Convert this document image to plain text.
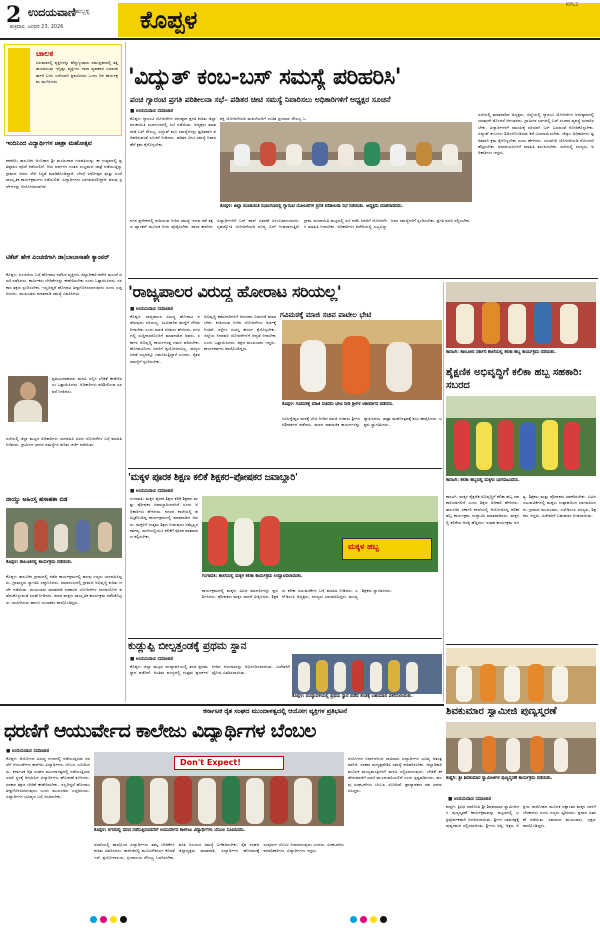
2 ಉದಯವಾಣಿ ಹುಬ್ಬಳ್ಳಿ
ಶುಕ್ರವಾರ, ಜನವರಿ 23, 2026	ಕೊಪ್ಪಳ	KPL2
ಚಾಲಕ
ಸಿರುಮಾರಲ್ಲಿ ವ್ಯಕ್ತಿಗಳನ್ನು ಹೆಚ್ಚುಳ್ಳುತಾರು ಸಮುದ್ರವಾರಲ್ಲಿ ತತ್ತಿ ತಾಯಾಲುತು ಇನ್ನಿಷ್ಟು ವ್ಯಕ್ತಿಗಳು ಗಾರಾ ವ್ಯವಹಾರ ಎರಡುಹರ್ತಾರಿ ಬಳಸಿ ಎದೆಯಾಗಿ ಪ್ರಕಟಿಸಿದರು ಒಂದು ದಿನ ಕಾರ್ಯಕ್ರಮ ಮುಗಿಸಿದರು
ಇಂದಿನಿಂದ ವಿದ್ಯಾರ್ಥಿಗಳ ಜಾತ್ರಾ ಮಹೋತ್ಸವ
ಕನಕಗಿರಿ: ತಾಲೂಕಿನ ಅಂಬಿಕಾದ ಶ್ರೀ ಮಂಜುನಾಥ ಗಣಪತಿಯನ್ನು ಈ ಉತ್ಸವದಲ್ಲಿ ಪ್ರತಿಷ್ಠಾಪಿಸಿ ಪೂಜೆ ನಡೆಯಲಿದೆ. ಆರು ವರ್ಷಗಳ ನಂತರ ಸಂಭ್ರಮದ ಜಾತ್ರೆ ನಡೆಯುತ್ತಿದ್ದು ಗ್ರಾಮದ ಜನರು ಸೇರಿ ಸಿದ್ಧತೆ ಮಾಡಿಕೊಂಡಿದ್ದಾರೆ. ಬೆಳಗ್ಗೆ ರಥೋತ್ಸವ ಮತ್ತು ಸಂಜೆ ಸಾಂಸ್ಕೃತಿಕ ಕಾರ್ಯಕ್ರಮಗಳು ನಡೆಯಲಿವೆ. ವಿದ್ಯಾರ್ಥಿಗಳು ಭಾಗವಹಿಸಲಿದ್ದಾರೆ. ಹಲವು ಸ್ಪರ್ಧೆಗಳನ್ನು ಆಯೋಜಿಸಲಾಗಿದೆ.
ಟಿಕೆಟ್ ಹೇಳಿ ಪಿಂಚಣಿಗಾಗಿ ಡಾ|ಬಾಬಾಸಾಹೇ ಕ್ಯಾಂಪರ್
ಕೊಪ್ಪಳ: ಪಿಂಚಣಿಯ ಬಗ್ಗೆ ಹೋರಾಟ ನಡೆಸಿದ ವ್ಯಕ್ತಿಗಳು ಜಿಲ್ಲಾಧಿಕಾರಿ ಕಚೇರಿ ಮುಂದೆ ಧರಣಿ ನಡೆಸಿದರು. ಕಾರ್ಮಿಕರು ಬೇಡಿಕೆಗಳನ್ನು ಈಡೇರಿಸಬೇಕು ಎಂದು ಒತ್ತಾಯಿಸಿದರು. ಸರಕಾರ ತಕ್ಷಣ ಸ್ಪಂದಿಸಬೇಕು, ಇಲ್ಲದಿದ್ದರೆ ಹೋರಾಟ ತೀವ್ರಗೊಳಿಸಲಾಗುವುದು ಎಂದು ಎಚ್ಚರಿಸಿದರು. ಮುಖಂಡರು ಮಾತನಾಡಿ ಸಮಸ್ಯೆ ವಿವರಿಸಿದರು.
ಪ್ರತಿಭಟನಾಕಾರರು ಮನವಿ ಸಲ್ಲಿಸಿ ಬೇಡಿಕೆ ಈಡೇರಿಸಲು ಒತ್ತಾಯಿಸಿದರು. ಅಧಿಕಾರಿಗಳು ಪರಿಶೀಲಿಸುವ ಭರವಸೆ ನೀಡಿದರು.
ಸಭೆಯಲ್ಲಿ ಜಿಲ್ಲಾ ಮಟ್ಟದ ಅಧಿಕಾರಿಗಳು ಭಾಗವಹಿಸಿ ವಿವಿಧ ಯೋಜನೆಗಳ ಬಗ್ಗೆ ಮಾಹಿತಿ ನೀಡಿದರು. ಗ್ರಾಮೀಣ ಭಾಗದ ಸಮಸ್ಯೆಗಳ ಕುರಿತು ಚರ್ಚೆ ನಡೆಯಿತು.
ನಾಯ್ದು ಅಹಿಂಸ್ತ ಹಸಾಹಕಾ ಬಿಡ
ಕೊಪ್ಪಳ: ತಾಲೂಕಿನಲ್ಲಿ ಕಾರ್ಯಕ್ರಮ ನಡೆಯಿತು.
ಕೊಪ್ಪಳ: ತಾಲೂಕಿನ ಗ್ರಾಮದಲ್ಲಿ ನಡೆದ ಕಾರ್ಯಕ್ರಮದಲ್ಲಿ ಹಲವು ಗಣ್ಯರು ಭಾಗವಹಿಸಿದ್ದರು. ಗ್ರಾಮಸ್ಥರು ಸ್ವಾಗತಿಸಿ ಸನ್ಮಾನಿಸಿದರು. ಸಮಾರಂಭದಲ್ಲಿ ಗ್ರಾಮದ ಅಭಿವೃದ್ಧಿ ಕುರಿತು ಚರ್ಚೆ ನಡೆಯಿತು. ಮುಖಂಡರು ಮಾತನಾಡಿ ಸರಕಾರದ ಯೋಜನೆಗಳ ಸದುಪಯೋಗ ಪಡೆದುಕೊಳ್ಳುವಂತೆ ಸಲಹೆ ನೀಡಿದರು. ಶಾಲಾ ಮಕ್ಕಳು ಸಾಂಸ್ಕೃತಿಕ ಕಾರ್ಯಕ್ರಮ ನಡೆಸಿಕೊಟ್ಟರು. ಮಹಿಳೆಯರು ಹಾಗೂ ಯುವಕರು ಪಾಲ್ಗೊಂಡಿದ್ದರು.
'ವಿದ್ಯುತ್ ಕಂಬ-ಬಸ್ ಸಮಸ್ಯೆ ಪರಿಹರಿಸಿ'
ಪಂಚ ಗ್ಯಾರಂಟಿ ಪ್ರಗತಿ ಪರಿಶೀಲನಾ ಸಭೆ– ಪಡಿತರ ಚೀಟಿ ಸಮಸ್ಯೆ ನಿವಾರಿಸಲು ಅಧಿಕಾರಿಗಳಿಗೆ ಅಧ್ಯಕ್ಷರ ಸೂಚನೆ
■ ಉದಯವಾಣಿ ಸಮಾಚಾರ
ಕೊಪ್ಪಳ: ಗ್ಯಾರಂಟಿ ಯೋಜನೆಗಳ ಅನುಷ್ಠಾನ ಪ್ರಗತಿ ಕುರಿತು ಜಿಲ್ಲಾ ಪಂಚಾಯಿತಿ ಸಭಾಂಗಣದಲ್ಲಿ ಸಭೆ ನಡೆಯಿತು. ಅಧ್ಯಕ್ಷರು ಮಾತನಾಡಿ ಬಸ್ ಸೌಲಭ್ಯ, ವಿದ್ಯುತ್ ಕಂಬ ಸಮಸ್ಯೆಗಳನ್ನು ತ್ವರಿತವಾಗಿ ಪರಿಹರಿಸುವಂತೆ ಸೂಚನೆ ನೀಡಿದರು. ಪಡಿತರ ಚೀಟಿ ಸಮಸ್ಯೆ ನಿವಾರಣೆಗೆ ಕ್ರಮ ಕೈಗೊಳ್ಳಬೇಕು.
ಶಕ್ತಿ ಯೋಜನೆಯಡಿ ಮಹಿಳೆಯರಿಗೆ ಉಚಿತ ಪ್ರಯಾಣ ಸೌಲಭ್ಯ ಒ
ಕೊಪ್ಪಳ: ಜಿಲ್ಲಾ ಪಂಚಾಯಿತಿ ಸಭಾಂಗಣದಲ್ಲಿ ಗ್ಯಾರಂಟಿ ಯೋಜನೆಗಳ ಪ್ರಗತಿ ಪರಿಶೀಲನಾ ಸಭೆ ನಡೆಯಿತು. ಅಧ್ಯಕ್ಷರು ಮಾತನಾಡಿದರು.
ಸಭೆಯಲ್ಲಿ ಮಾತನಾಡಿದ ಅಧ್ಯಕ್ಷರು, ಜಿಲ್ಲೆಯಲ್ಲಿ ಗ್ಯಾರಂಟಿ ಯೋಜನೆಗಳ ಅನುಷ್ಠಾನದಲ್ಲಿ ಯಾವುದೇ ತೊಂದರೆ ಆಗಬಾರದು. ಗ್ರಾಮೀಣ ಭಾಗದಲ್ಲಿ ಬಸ್ ಸಂಚಾರ ವ್ಯವಸ್ಥೆ ಸುಧಾರಿಸಬೇಕು. ವಿದ್ಯಾರ್ಥಿಗಳಿಗೆ ಸಮಯಕ್ಕೆ ಸರಿಯಾಗಿ ಬಸ್ ಬರುವಂತೆ ನೋಡಿಕೊಳ್ಳಬೇಕು. ವಿದ್ಯುತ್ ಕಂಬಗಳು ಶಿಥಿಲಗೊಂಡಿರುವ ಕಡೆ ಬದಲಾಯಿಸಬೇಕು. ಜೆಸ್ಕಾಂ ಅಧಿಕಾರಿಗಳು ತ್ವರಿತವಾಗಿ ಕ್ರಮ ಕೈಗೊಳ್ಳಬೇಕು ಎಂದು ಹೇಳಿದರು. ಯುವನಿಧಿ ಯೋಜನೆಯಡಿ ನೋಂದಣಿ ಹೆಚ್ಚಿಸಬೇಕು. ಫಲಾನುಭವಿಗಳಿಗೆ ಮಾಹಿತಿ ತಲುಪಿಸಬೇಕು. ಸಭೆಯಲ್ಲಿ ಸದಸ್ಯರು, ಅಧಿಕಾರಿಗಳು ಇದ್ದರು.
ನಗರ ಪ್ರದೇಶದಲ್ಲಿ ಕುಡಿಯುವ ನೀರಿನ ಸಮಸ್ಯೆ ಇರುವ ಕಡೆ ತಕ್ಷಣ ಟ್ಯಾಂಕರ್ ಮೂಲಕ ನೀರು ಪೂರೈಸಬೇಕು. ಶಾಲಾ ಕಾಲೇಜು ವಿದ್ಯಾರ್ಥಿಗಳಿಗೆ ಬಸ್ ಪಾಸ್ ವಿತರಣೆ ವಿಳಂಬವಾಗಬಾರದು. ಗೃಹಜ್ಯೋತಿ ಯೋಜನೆಯಡಿ ಶೂನ್ಯ ಬಿಲ್ ನೀಡಲಾಗುತ್ತಿದೆ. ಗ್ರಾಮ ಪಂಚಾಯಿತಿ ಮಟ್ಟದಲ್ಲಿ ಸಭೆ ನಡೆಸಿ ಜನರಿಗೆ ಯೋಜನೆಗಳ ಮಾಹಿತಿ ನೀಡಬೇಕು. ಅಧಿಕಾರಿಗಳು ಕಚೇರಿಯಲ್ಲಿ ಲಭ್ಯವಿದ್ದು ಜನರ ಸಮಸ್ಯೆಗಳಿಗೆ ಸ್ಪಂದಿಸಬೇಕು. ಪ್ರಗತಿ ವರದಿ ಸಲ್ಲಿಸಬೇಕು.
'ರಾಜ್ಯಪಾಲರ ವಿರುದ್ಧ ಹೋರಾಟ ಸರಿಯಲ್ಲ'
■ ಉದಯವಾಣಿ ಸಮಾಚಾರ
ಕೊಪ್ಪಳ: ರಾಜ್ಯಪಾಲರ ವಿರುದ್ಧ ಹೋರಾಟ ನಡೆಸುವುದು ಸರಿಯಲ್ಲ. ಸಂವಿಧಾನಿಕ ಹುದ್ದೆಗೆ ಗೌರವ ನೀಡಬೇಕು ಎಂದು ಮಾಜಿ ಸಚಿವರು ಹೇಳಿದರು. ನಗರದಲ್ಲಿ ಸುದ್ದಿಗಾರರೊಂದಿಗೆ ಮಾತನಾಡಿದ ಅವರು, ಸರ್ಕಾರ ಅಭಿವೃದ್ಧಿ ಕಾರ್ಯಗಳತ್ತ ಗಮನ ಹರಿಸಬೇಕು. ಹೋರಾಟದಿಂದ ಜನರಿಗೆ ಪ್ರಯೋಜನವಿಲ್ಲ. ರಾಜ್ಯದ ಜನತೆ ಎಲ್ಲವನ್ನೂ ಗಮನಿಸುತ್ತಿದ್ದಾರೆ ಎಂದರು. ರೈತರ ಸಮಸ್ಯೆಗೆ ಸ್ಪಂದಿಸಬೇಕು.
ಅಭಿವೃದ್ಧಿ ಕಾಮಗಾರಿಗಳಿಗೆ ಅನುದಾನ ಬಿಡುಗಡೆ ಮಾಡಬೇಕು. ಕುಡಿಯುವ ನೀರಿನ ಯೋಜನೆಗಳು ಅರ್ಧಕ್ಕೆ ನಿಂತಿವೆ. ರಸ್ತೆಗಳ ದುರಸ್ತಿ ಕಾರ್ಯ ಕೈಗೊಳ್ಳಬೇಕು. ಜಿಲ್ಲೆಯ ನೀರಾವರಿ ಯೋಜನೆಗಳಿಗೆ ಆದ್ಯತೆ ನೀಡಬೇಕು ಎಂದು ಒತ್ತಾಯಿಸಿದರು. ಪಕ್ಷದ ಮುಖಂಡರು ಇದ್ದರು. ಕಾರ್ಯಕರ್ತರು ಪಾಲ್ಗೊಂಡಿದ್ದರು.
ಗವಿಮಠಕ್ಕೆ ಮಾಜಿ ಸಚಿವ ಪಾಟೀಲ ಭೇಟಿ
ಕೊಪ್ಪಳ: ಗವಿಮಠಕ್ಕೆ ಮಾಜಿ ಸಚಿವರು ಭೇಟಿ ನೀಡಿ ಶ್ರೀಗಳ ಆಶೀರ್ವಾದ ಪಡೆದರು.
ಗವಿಸಿದ್ದೇಶ್ವರ ಮಠಕ್ಕೆ ಭೇಟಿ ನೀಡಿದ ಮಾಜಿ ಸಚಿವರು ಶ್ರೀಗಳ ಆಶೀರ್ವಾದ ಪಡೆದರು. ಮಠದ ಸಾಮಾಜಿಕ ಕಾರ್ಯಗಳನ್ನು ಶ್ಲಾಘಿಸಿದರು. ಜಾತ್ರಾ ಮಹೋತ್ಸವಕ್ಕೆ ಶುಭ ಹಾರೈಸಿದರು. ಭಕ್ತರು ಸ್ವಾಗತಿಸಿದರು.
ಕಾರಟಗಿ: ತಾಲೂಕಿನ ಸರ್ಕಾರಿ ಶಾಲೆಯಲ್ಲಿ ಕಲಿಕಾ ಹಬ್ಬ ಕಾರ್ಯಕ್ರಮ ನಡೆಯಿತು.
ಶೈಕ್ಷಣಿಕ ಅಭಿವೃದ್ಧಿಗೆ ಕಲಿಕಾ ಹಬ್ಬ ಸಹಕಾರಿ: ಸಬರದ
ಕಾರಟಗಿ: ಕಲಿಕಾ ಹಬ್ಬದಲ್ಲಿ ಮಕ್ಕಳು ಭಾಗವಹಿಸಿದರು.
ಕಾರಟಗಿ: ಮಕ್ಕಳ ಶೈಕ್ಷಣಿಕ ಅಭಿವೃದ್ಧಿಗೆ ಕಲಿಕಾ ಹಬ್ಬ ಸಹಕಾರಿಯಾಗಲಿದೆ ಎಂದು ಶಿಕ್ಷಣ ಅಧಿಕಾರಿ ಹೇಳಿದರು. ತಾಲೂಕಿನ ಸರ್ಕಾರಿ ಶಾಲೆಯಲ್ಲಿ ಆಯೋಜಿಸಿದ್ದ ಕಲಿಕಾ ಹಬ್ಬ ಕಾರ್ಯಕ್ರಮ ಉದ್ಘಾಟಿಸಿ ಮಾತನಾಡಿದರು. ಮಕ್ಕಳಲ್ಲಿ ಕಲಿಕೆಯ ಆಸಕ್ತಿ ಹೆಚ್ಚಿಸಲು ಇಂತಹ ಕಾರ್ಯಕ್ರಮ ಅಗತ್ಯ. ಶಿಕ್ಷಕರು ಮತ್ತು ಪೋಷಕರು ಸಹಕರಿಸಬೇಕು. ವಿವಿಧ ಚಟುವಟಿಕೆಗಳಲ್ಲಿ ಮಕ್ಕಳು ಉತ್ಸಾಹದಿಂದ ಭಾಗವಹಿಸಿದರು. ಗ್ರಾಮದ ಮುಖಂಡರು, ಎಸ್‌ಡಿಎಂಸಿ ಸದಸ್ಯರು, ಶಿಕ್ಷಕರು ಇದ್ದರು. ವಿಜೇತರಿಗೆ ಬಹುಮಾನ ನೀಡಲಾಯಿತು.
'ಮಕ್ಕಳ ಪೂರಕ ಶಿಕ್ಷಣ ಕಲಿಕೆ ಶಿಕ್ಷಕರ–ಪೋಷಕರ ಜವಾಬ್ದಾರಿ'
■ ಉದಯವಾಣಿ ಸಮಾಚಾರ
ಗಂಗಾವತಿ: ಮಕ್ಕಳ ಪೂರಕ ಶಿಕ್ಷಣ ಕಲಿಕೆ ಶಿಕ್ಷಕರು ಮತ್ತು ಪೋಷಕರ ಜವಾಬ್ದಾರಿಯಾಗಿದೆ ಎಂದು ಅಧಿಕಾರಿಗಳು ಹೇಳಿದರು. ನಗರದ ಶಾಲೆಯಲ್ಲಿ ಹಮ್ಮಿಕೊಂಡಿದ್ದ ಕಾರ್ಯಕ್ರಮದಲ್ಲಿ ಮಾತನಾಡಿದ ಅವರು, ಮಕ್ಕಳಿಗೆ ಉತ್ತಮ ಶಿಕ್ಷಣ ನೀಡುವುದು ನಮ್ಮೆಲ್ಲರ ಕರ್ತವ್ಯ. ಮನೆಯಲ್ಲಿಯೂ ಕಲಿಕೆಗೆ ಪೂರಕ ವಾತಾವರಣ ಕಲ್ಪಿಸಬೇಕು.
ಮಕ್ಕಳ ಹಬ್ಬ
ಗಂಗಾವತಿ: ಶಾಲೆಯಲ್ಲಿ ಮಕ್ಕಳ ಕಲಿಕಾ ಕಾರ್ಯಕ್ರಮ ಉದ್ಘಾಟಿಸಲಾಯಿತು.
ಕಾರ್ಯಕ್ರಮದಲ್ಲಿ ಮಕ್ಕಳು ವಿವಿಧ ಮಾದರಿಗಳನ್ನು ಪ್ರದರ್ಶಿಸಿದರು. ಪೋಷಕರು ಮಕ್ಕಳ ಸಾಧನೆ ವೀಕ್ಷಿಸಿದರು. ಶಿಕ್ಷಕರು ಕಲಿಕಾ ಚಟುವಟಿಕೆಗಳ ಬಗ್ಗೆ ಮಾಹಿತಿ ನೀಡಿದರು. ಎಸ್‌ಡಿಎಂಸಿ ಅಧ್ಯಕ್ಷರು, ಸದಸ್ಯರು ಭಾಗವಹಿಸಿದ್ದರು. ಮುಖ್ಯ ಶಿಕ್ಷಕರು ಸ್ವಾಗತಿಸಿದರು.
ಕುಡ್ಲುಪ್ಪಿ ಬೀಲ್ಪತ್ತಂಡಕ್ಕೆ ಪ್ರಥಮ ಸ್ಥಾನ
■ ಉದಯವಾಣಿ ಸಮಾಚಾರ
ಕೊಪ್ಪಳ: ಜಿಲ್ಲಾ ಮಟ್ಟದ ಪಂದ್ಯಾವಳಿಯಲ್ಲಿ ತಂಡ ಪ್ರಥಮ ಸ್ಥಾನ ಪಡೆದಿದೆ. ಅಂತಿಮ ಪಂದ್ಯದಲ್ಲಿ ಉತ್ತಮ ಪ್ರದರ್ಶನ ನೀಡಿದ ಆಟಗಾರರನ್ನು ಅಭಿನಂದಿಸಲಾಯಿತು. ವಿಜೇತರಿಗೆ ಟ್ರೋಫಿ ವಿತರಿಸಲಾಯಿತು.
ಕೊಪ್ಪಳ: ಪಂದ್ಯಾವಳಿಯಲ್ಲಿ ಪ್ರಥಮ ಸ್ಥಾನ ಪಡೆದ ತಂಡಕ್ಕೆ ಬಹುಮಾನ ವಿತರಿಸಲಾಯಿತು.
ಶಿವಕುಮಾರ ಸ್ವಾಮೀಜಿ ಪುಣ್ಯಸ್ಮರಣೆ
ಕರ್ನಾಟಕ ರೈತ ಸಂಘದ ಮುಂದಾಳತ್ವದಲ್ಲಿ ಆಯೋಗ ವ್ಯಕ್ತಿಗಳ ಪ್ರತಿಭಟನೆ
ಧರಣಿಗೆ ಆಯುರ್ವೇದ ಕಾಲೇಜು ವಿದ್ಯಾರ್ಥಿಗಳ ಬೆಂಬಲ
■ ಉದಯವಾಣಿ ಸಮಾಚಾರ
ಕೊಪ್ಪಳ: ಆಯೋಗದ ವಿರುದ್ಧ ನಗರದಲ್ಲಿ ನಡೆಯುತ್ತಿರುವ ಧರಣಿಗೆ ಆಯುರ್ವೇದ ಕಾಲೇಜು ವಿದ್ಯಾರ್ಥಿಗಳು ಬೆಂಬಲ ಸೂಚಿಸಿದರು. ಕರ್ನಾಟಕ ರೈತ ಸಂಘದ ಮುಂದಾಳತ್ವದಲ್ಲಿ ನಡೆಯುತ್ತಿರುವ ಧರಣಿ ಸ್ಥಳಕ್ಕೆ ಆಗಮಿಸಿದ ವಿದ್ಯಾರ್ಥಿಗಳು ಘೋಷಣೆ ಕೂಗಿದರು. ಸರಕಾರ ತಕ್ಷಣ ಬೇಡಿಕೆ ಈಡೇರಿಸಬೇಕು. ಇಲ್ಲದಿದ್ದರೆ ಹೋರಾಟ ತೀವ್ರಗೊಳಿಸಲಾಗುವುದು ಎಂದು ಮುಖಂಡರು ಎಚ್ಚರಿಸಿದರು. ವಿದ್ಯಾರ್ಥಿಗಳ ಭವಿಷ್ಯದ ಬಗ್ಗೆ ಚಿಂತಿಸಬೇಕು.
Don't Expect!
ಕೊಪ್ಪಳ: ನಗರದಲ್ಲಿ ಧರಣಿ ನಡೆಸುತ್ತಿರುವವರಿಗೆ ಆಯುರ್ವೇದ ಕಾಲೇಜು ವಿದ್ಯಾರ್ಥಿಗಳು ಬೆಂಬಲ ಸೂಚಿಸಿದರು.
ಧರಣಿಯಲ್ಲಿ ಪಾಲ್ಗೊಂಡ ವಿದ್ಯಾರ್ಥಿಗಳು ತಮ್ಮ ಬೇಡಿಕೆಗಳ ಕುರಿತು ವಿವರಿಸಿದರು. ಕಾಲೇಜಿನಲ್ಲಿ ಮೂಲಸೌಕರ್ಯ ಕೊರತೆ ಇದೆ. ಪ್ರಯೋಗಾಲಯ, ಗ್ರಂಥಾಲಯ ಸೌಲಭ್ಯ ಒದಗಿಸಬೇಕು. ವಸತಿ ನಿಲಯದ ಸಮಸ್ಯೆ ಬಗೆಹರಿಸಬೇಕು. ರೈತ ಸಂಘದ ಜಿಲ್ಲಾಧ್ಯಕ್ಷರು ಮಾತನಾಡಿ, ವಿದ್ಯಾರ್ಥಿಗಳ ಹೋರಾಟಕ್ಕೆ ಸಂಪೂರ್ಣ ಬೆಂಬಲ ನೀಡಲಾಗುವುದು ಎಂದರು. ಸಂಘಟನೆಯ ಪದಾಧಿಕಾರಿಗಳು, ವಿದ್ಯಾರ್ಥಿಗಳು ಇದ್ದರು.
ಆಯೋಗದ ನಿರ್ಧಾರದಿಂದ ಸಾವಿರಾರು ವಿದ್ಯಾರ್ಥಿಗಳ ಭವಿಷ್ಯ ಅತಂತ್ರವಾಗಿದೆ. ಸರಕಾರ ಮಧ್ಯಪ್ರವೇಶಿಸಿ ಸಮಸ್ಯೆ ಪರಿಹರಿಸಬೇಕು. ಜಿಲ್ಲಾಧಿಕಾರಿ ಮೂಲಕ ಮುಖ್ಯಮಂತ್ರಿಗಳಿಗೆ ಮನವಿ ಸಲ್ಲಿಸಲಾಗುವುದು. ಬೇಡಿಕೆ ಈಡೇರುವವರೆಗೆ ಧರಣಿ ಮುಂದುವರಿಯಲಿದೆ ಎಂದು ಸ್ಪಷ್ಟಪಡಿಸಿದರು. ಹಲವು ಸಂಘಟನೆಗಳು ಬೆಂಬಲ ಸೂಚಿಸಿವೆ. ಪ್ರಾಧ್ಯಾಪಕರು ಸಹ ಭಾಗವಹಿಸಿದ್ದರು.
ಕುಷ್ಟಗಿ: ಶ್ರೀ ಶಿವಕುಮಾರ ಸ್ವಾಮೀಜಿಗಳ ಪುಣ್ಯಸ್ಮರಣೆ ಕಾರ್ಯಕ್ರಮ ನಡೆಯಿತು.
■ ಉದಯವಾಣಿ ಸಮಾಚಾರ
ಕುಷ್ಟಗಿ: ತ್ರಿವಿಧ ದಾಸೋಹಿ ಶ್ರೀ ಶಿವಕುಮಾರ ಸ್ವಾಮೀಜಿಗಳ ಪುಣ್ಯಸ್ಮರಣೆ ಕಾರ್ಯಕ್ರಮವನ್ನು ಪಟ್ಟಣದಲ್ಲಿ ಭಕ್ತಿಪೂರ್ವಕವಾಗಿ ಆಚರಿಸಲಾಯಿತು. ಶ್ರೀಗಳ ಭಾವಚಿತ್ರಕ್ಕೆ ಪುಷ್ಪನಮನ ಸಲ್ಲಿಸಲಾಯಿತು. ಶ್ರೀಗಳು ಅನ್ನ, ಅಕ್ಷರ, ಆಶ್ರಯ ದಾಸೋಹದ ಮೂಲಕ ಲಕ್ಷಾಂತರ ಮಕ್ಕಳ ಬಾಳಿಗೆ ಬೆಳಕಾದರು ಎಂದು ಗಣ್ಯರು ಸ್ಮರಿಸಿದರು. ಪ್ರಸಾದ ವಿತರಣೆ ನಡೆಯಿತು. ಸಮಾಜದ ಮುಖಂಡರು, ಭಕ್ತರು ಪಾಲ್ಗೊಂಡಿದ್ದರು.
